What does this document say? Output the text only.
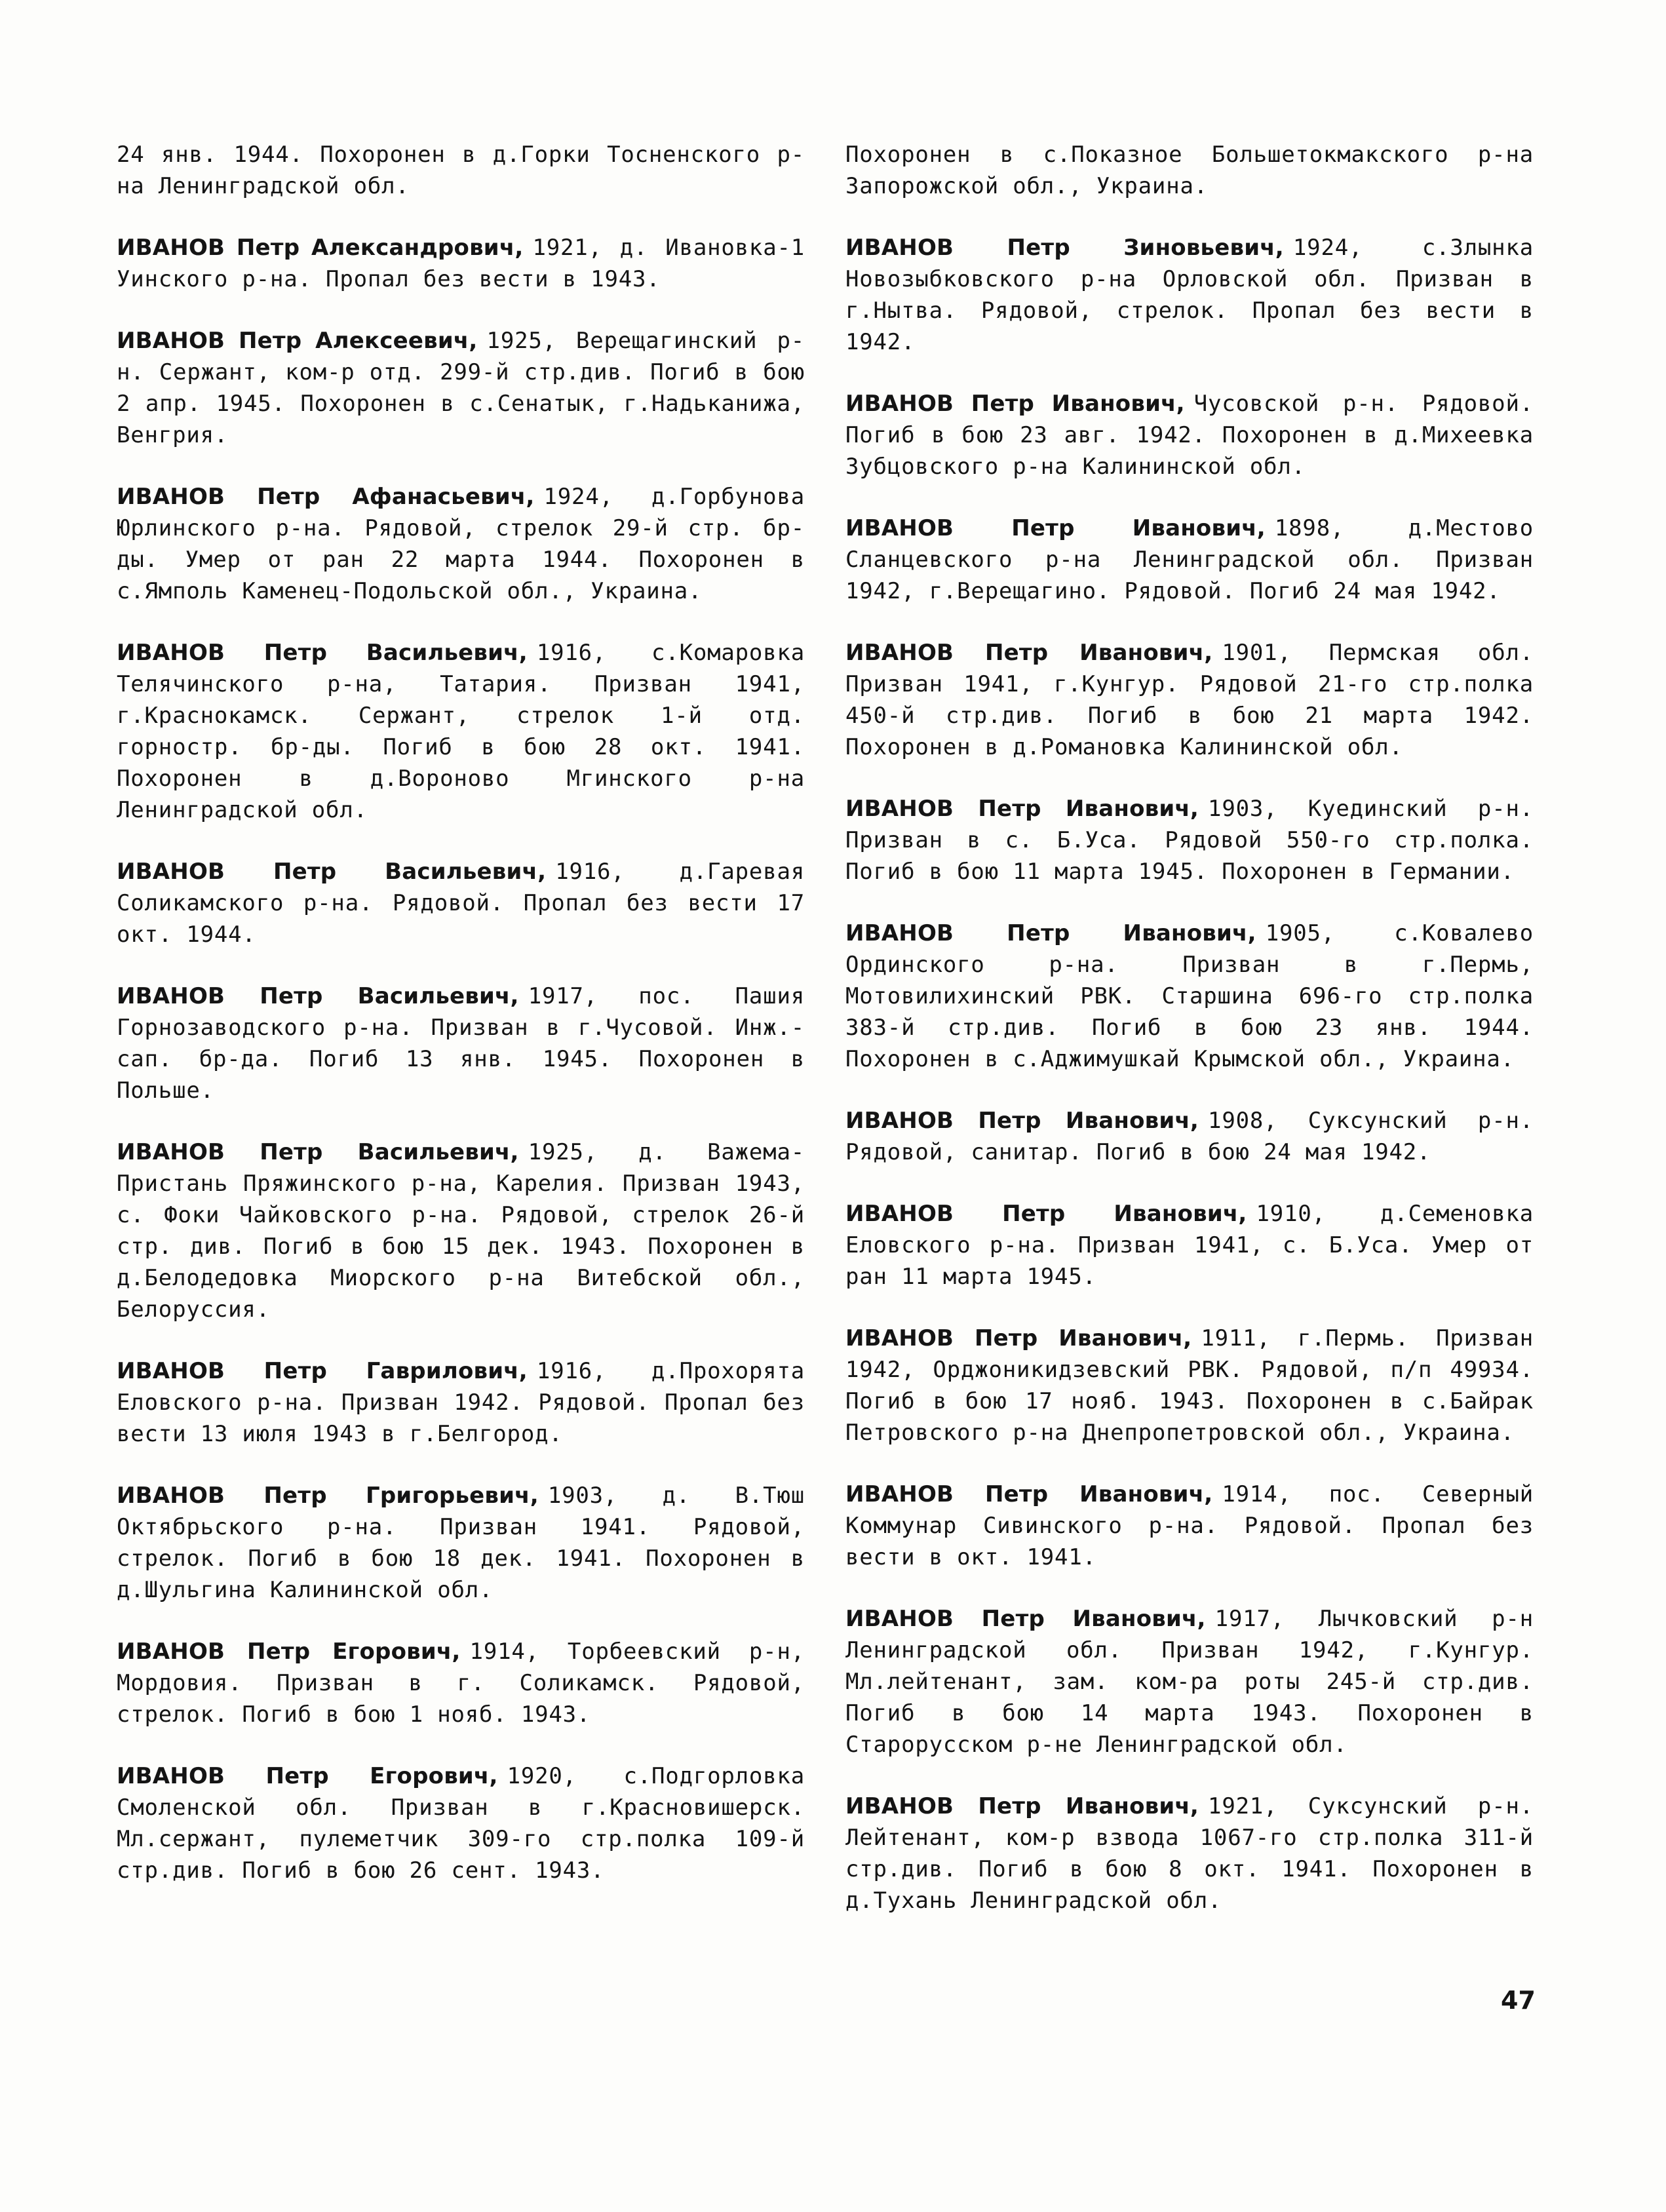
24 янв. 1944. Похоронен в д.Горки Тосненского р-на Ленинградской обл.

ИВАНОВ Петр Александрович, 1921, д. Ивановка-1 Уинского р-на. Пропал без вести в 1943.

ИВАНОВ Петр Алексеевич, 1925, Верещагинский р-н. Сержант, ком-р отд. 299-й стр.див. Погиб в бою 2 апр. 1945. Похоронен в с.Сенатык, г.Надьканижа, Венгрия.

ИВАНОВ Петр Афанасьевич, 1924, д.Горбунова Юрлинского р-на. Рядовой, стрелок 29-й стр. бр-ды. Умер от ран 22 марта 1944. Похоронен в с.Ямполь Каменец-Подольской обл., Украина.

ИВАНОВ Петр Васильевич, 1916, с.Комаровка Телячинского р-на, Татария. Призван 1941, г.Краснокамск. Сержант, стрелок 1-й отд. горностр. бр-ды. Погиб в бою 28 окт. 1941. Похоронен в д.Вороново Мгинского р-на Ленинградской обл.

ИВАНОВ Петр Васильевич, 1916, д.Гаревая Соликамского р-на. Рядовой. Пропал без вести 17 окт. 1944.

ИВАНОВ Петр Васильевич, 1917, пос. Пашия Горнозаводского р-на. Призван в г.Чусовой. Инж.-сап. бр-да. Погиб 13 янв. 1945. Похоронен в Польше.

ИВАНОВ Петр Васильевич, 1925, д. Важема-Пристань Пряжинского р-на, Карелия. Призван 1943, с. Фоки Чайковского р-на. Рядовой, стрелок 26-й стр. див. Погиб в бою 15 дек. 1943. Похоронен в д.Белодедовка Миорского р-на Витебской обл., Белоруссия.

ИВАНОВ Петр Гаврилович, 1916, д.Прохорята Еловского р-на. Призван 1942. Рядовой. Пропал без вести 13 июля 1943 в г.Белгород.

ИВАНОВ Петр Григорьевич, 1903, д. В.Тюш Октябрьского р-на. Призван 1941. Рядовой, стрелок. Погиб в бою 18 дек. 1941. Похоронен в д.Шульгина Калининской обл.

ИВАНОВ Петр Егорович, 1914, Торбеевский р-н, Мордовия. Призван в г. Соликамск. Рядовой, стрелок. Погиб в бою 1 нояб. 1943.

ИВАНОВ Петр Егорович, 1920, с.Подгорловка Смоленской обл. Призван в г.Красновишерск. Мл.сержант, пулеметчик 309-го стр.полка 109-й стр.див. Погиб в бою 26 сент. 1943.

Похоронен в с.Показное Большетокмакского р-на Запорожской обл., Украина.

ИВАНОВ Петр Зиновьевич, 1924, с.Злынка Новозыбковского р-на Орловской обл. Призван в г.Нытва. Рядовой, стрелок. Пропал без вести в 1942.

ИВАНОВ Петр Иванович, Чусовской р-н. Рядовой. Погиб в бою 23 авг. 1942. Похоронен в д.Михеевка Зубцовского р-на Калининской обл.

ИВАНОВ Петр Иванович, 1898, д.Местово Сланцевского р-на Ленинградской обл. Призван 1942, г.Верещагино. Рядовой. Погиб 24 мая 1942.

ИВАНОВ Петр Иванович, 1901, Пермская обл. Призван 1941, г.Кунгур. Рядовой 21-го стр.полка 450-й стр.див. Погиб в бою 21 марта 1942. Похоронен в д.Романовка Калининской обл.

ИВАНОВ Петр Иванович, 1903, Куединский р-н. Призван в с. Б.Уса. Рядовой 550-го стр.полка. Погиб в бою 11 марта 1945. Похоронен в Германии.

ИВАНОВ Петр Иванович, 1905, с.Ковалево Ординского р-на. Призван в г.Пермь, Мотовилихинский РВК. Старшина 696-го стр.полка 383-й стр.див. Погиб в бою 23 янв. 1944. Похоронен в с.Аджимушкай Крымской обл., Украина.

ИВАНОВ Петр Иванович, 1908, Суксунский р-н. Рядовой, санитар. Погиб в бою 24 мая 1942.

ИВАНОВ Петр Иванович, 1910, д.Семеновка Еловского р-на. Призван 1941, с. Б.Уса. Умер от ран 11 марта 1945.

ИВАНОВ Петр Иванович, 1911, г.Пермь. Призван 1942, Орджоникидзевский РВК. Рядовой, п/п 49934. Погиб в бою 17 нояб. 1943. Похоронен в с.Байрак Петровского р-на Днепропетровской обл., Украина.

ИВАНОВ Петр Иванович, 1914, пос. Северный Коммунар Сивинского р-на. Рядовой. Пропал без вести в окт. 1941.

ИВАНОВ Петр Иванович, 1917, Лычковский р-н Ленинградской обл. Призван 1942, г.Кунгур. Мл.лейтенант, зам. ком-ра роты 245-й стр.див. Погиб в бою 14 марта 1943. Похоронен в Старорусском р-не Ленинградской обл.

ИВАНОВ Петр Иванович, 1921, Суксунский р-н. Лейтенант, ком-р взвода 1067-го стр.полка 311-й стр.див. Погиб в бою 8 окт. 1941. Похоронен в д.Тухань Ленинградской обл.

47
